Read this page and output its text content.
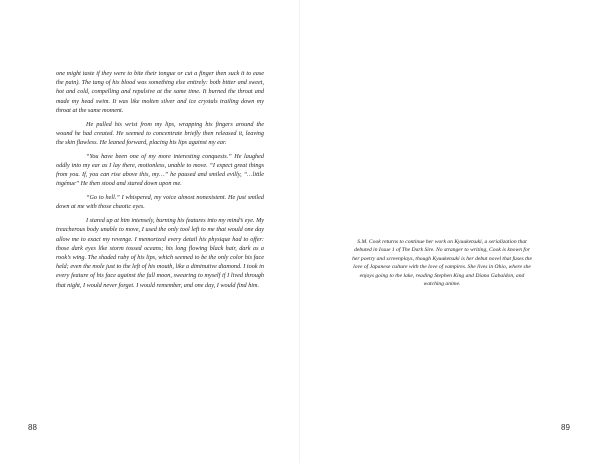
one might taste if they were to bite their tongue or cut a finger then suck it to ease the pain). The tang of his blood was something else entirely: both bitter and sweet, hot and cold, compelling and repulsive at the same time. It burned the throat and made my head swim. It was like molten silver and ice crystals trailing down my throat at the same moment.

He pulled his wrist from my lips, wrapping his fingers around the wound he had created. He seemed to concentrate briefly then released it, leaving the skin flawless. He leaned forward, placing his lips against my ear.

“You have been one of my more interesting conquests.” He laughed oddly into my ear as I lay there, motionless, unable to move. “I expect great things from you. If, you can rise above this, my…” he paused and smiled evilly, “…little ingénue” He then stood and stared down upon me.

“Go to hell.” I whispered, my voice almost nonexistent. He just smiled down at me with those chaotic eyes.

I stared up at him intensely, burning his features into my mind’s eye. My treacherous body unable to move, I used the only tool left to me that would one day allow me to exact my revenge. I memorized every detail his physique had to offer: those dark eyes like storm tossed oceans; his long flowing black hair, dark as a rook’s wing. The shaded ruby of his lips, which seemed to be the only color his face held; even the mole just to the left of his mouth, like a diminutive diamond. I took in every feature of his face against the full moon, swearing to myself if I lived through that night, I would never forget. I would remember, and one day, I would find him.

S.M. Cook returns to continue her work on Kyuuketsuki, a serialization that debuted in Issue 1 of The Dark Sire. No stranger to writing, Cook is known for her poetry and screenplays, though Kyuuketsuki is her debut novel that fuses the love of Japanese culture with the love of vampires. She lives in Ohio, where she enjoys going to the lake, reading Stephen King and Diana Gabaldon, and watching anime.
88	89
